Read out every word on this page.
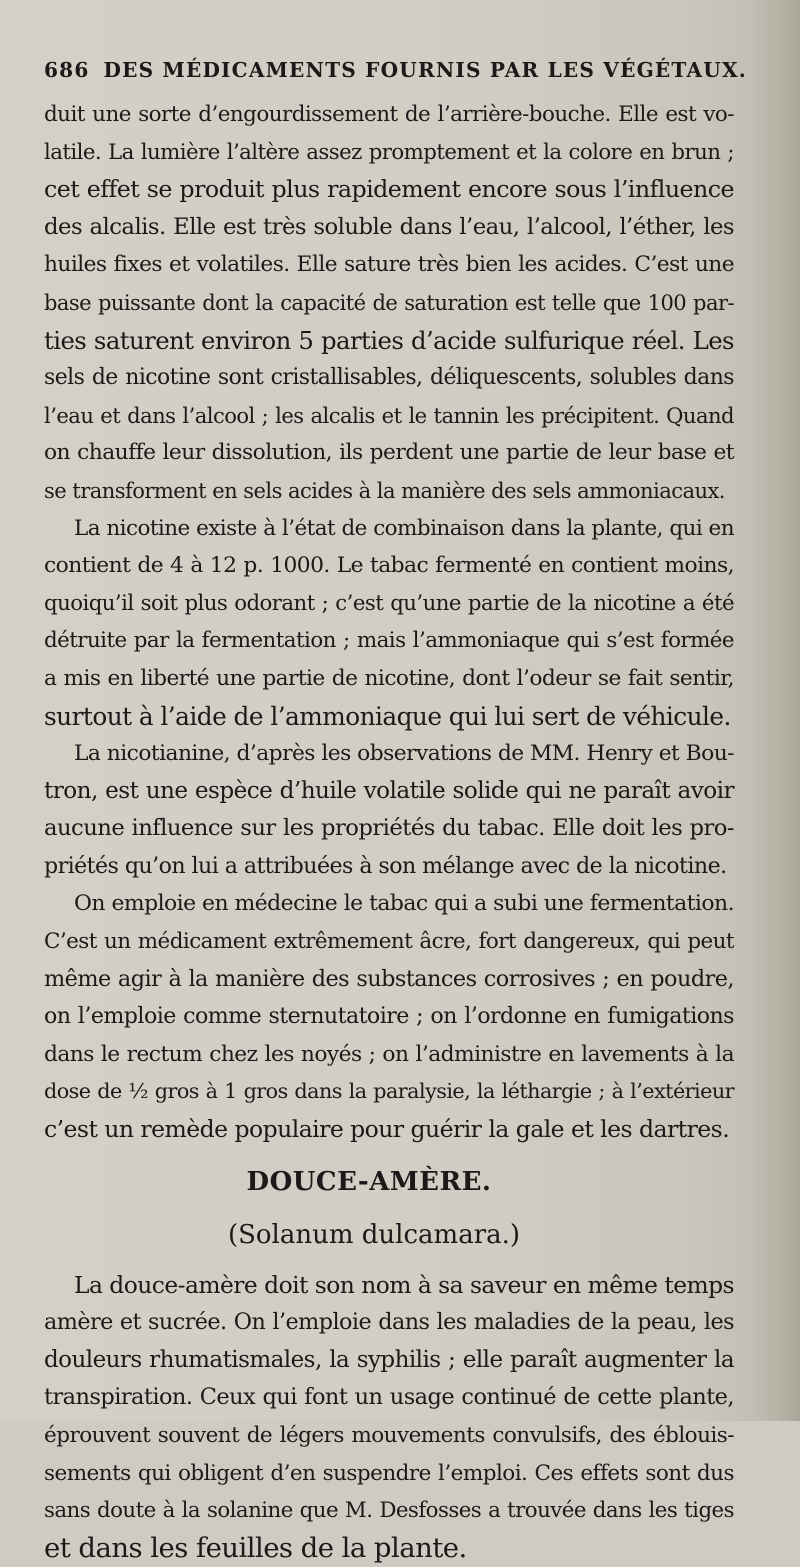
686 DES MÉDICAMENTS FOURNIS PAR LES VÉGÉTAUX.
duit une sorte d’engourdissement de l’arrière-bouche. Elle est vo-
latile. La lumière l’altère assez promptement et la colore en brun ;
cet effet se produit plus rapidement encore sous l’influence
des alcalis. Elle est très soluble dans l’eau, l’alcool, l’éther, les
huiles fixes et volatiles. Elle sature très bien les acides. C’est une
base puissante dont la capacité de saturation est telle que 100 par-
ties saturent environ 5 parties d’acide sulfurique réel. Les
sels de nicotine sont cristallisables, déliquescents, solubles dans
l’eau et dans l’alcool ; les alcalis et le tannin les précipitent. Quand
on chauffe leur dissolution, ils perdent une partie de leur base et
se transforment en sels acides à la manière des sels ammoniacaux.
La nicotine existe à l’état de combinaison dans la plante, qui en
contient de 4 à 12 p. 1000. Le tabac fermenté en contient moins,
quoiqu’il soit plus odorant ; c’est qu’une partie de la nicotine a été
détruite par la fermentation ; mais l’ammoniaque qui s’est formée
a mis en liberté une partie de nicotine, dont l’odeur se fait sentir,
surtout à l’aide de l’ammoniaque qui lui sert de véhicule.
La nicotianine, d’après les observations de MM. Henry et Bou-
tron, est une espèce d’huile volatile solide qui ne paraît avoir
aucune influence sur les propriétés du tabac. Elle doit les pro-
priétés qu’on lui a attribuées à son mélange avec de la nicotine.
On emploie en médecine le tabac qui a subi une fermentation.
C’est un médicament extrêmement âcre, fort dangereux, qui peut
même agir à la manière des substances corrosives ; en poudre,
on l’emploie comme sternutatoire ; on l’ordonne en fumigations
dans le rectum chez les noyés ; on l’administre en lavements à la
dose de ½ gros à 1 gros dans la paralysie, la léthargie ; à l’extérieur
c’est un remède populaire pour guérir la gale et les dartres.
DOUCE-AMÈRE.
(Solanum dulcamara.)
La douce-amère doit son nom à sa saveur en même temps
amère et sucrée. On l’emploie dans les maladies de la peau, les
douleurs rhumatismales, la syphilis ; elle paraît augmenter la
transpiration. Ceux qui font un usage continué de cette plante,
éprouvent souvent de légers mouvements convulsifs, des éblouis-
sements qui obligent d’en suspendre l’emploi. Ces effets sont dus
sans doute à la solanine que M. Desfosses a trouvée dans les tiges
et dans les feuilles de la plante.
